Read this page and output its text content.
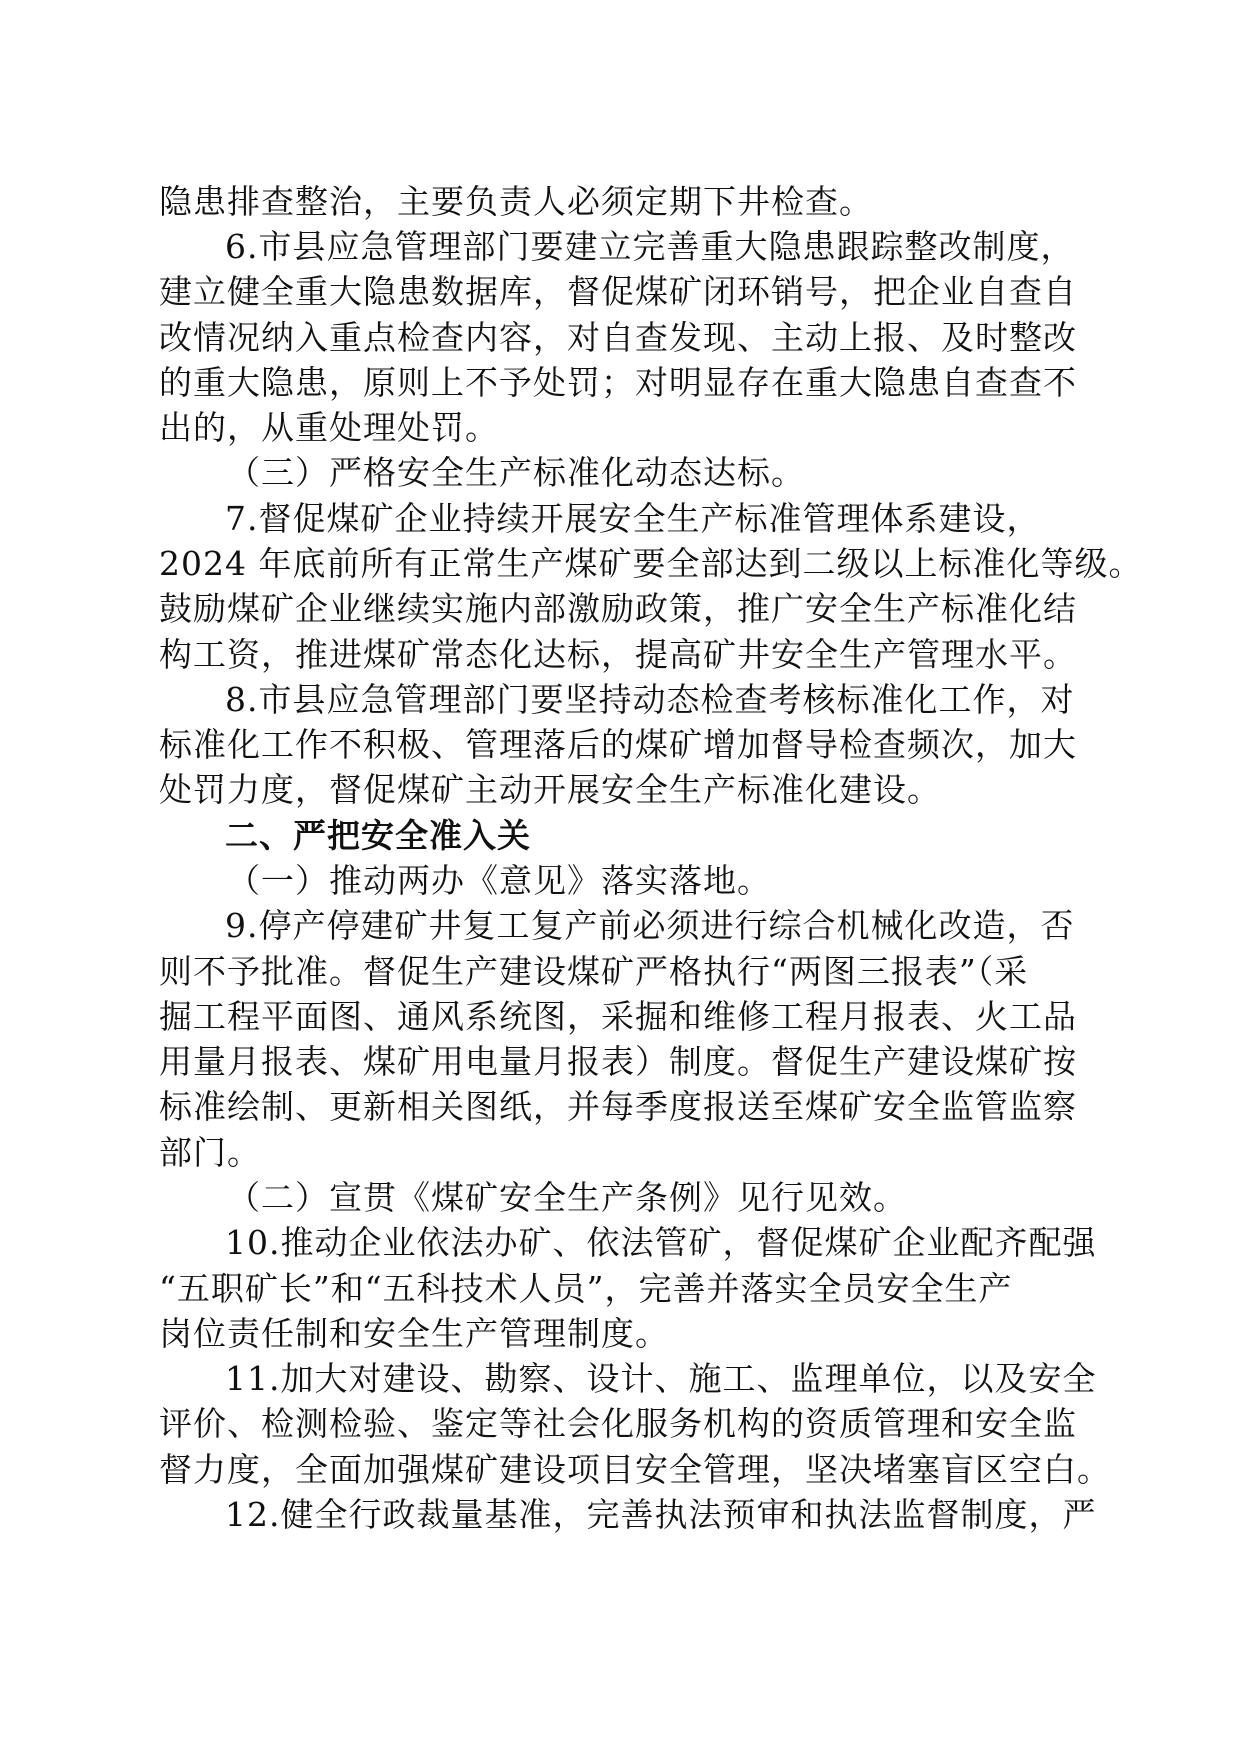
隐患排查整治，主要负责人必须定期下井检查。
6.市县应急管理部门要建立完善重大隐患跟踪整改制度，
建立健全重大隐患数据库，督促煤矿闭环销号，把企业自查自
改情况纳入重点检查内容，对自查发现、主动上报、及时整改
的重大隐患，原则上不予处罚；对明显存在重大隐患自查查不
出的，从重处理处罚。
（三）严格安全生产标准化动态达标。
7.督促煤矿企业持续开展安全生产标准管理体系建设，
2024 年底前所有正常生产煤矿要全部达到二级以上标准化等级。
鼓励煤矿企业继续实施内部激励政策，推广安全生产标准化结
构工资，推进煤矿常态化达标，提高矿井安全生产管理水平。
8.市县应急管理部门要坚持动态检查考核标准化工作，对
标准化工作不积极、管理落后的煤矿增加督导检查频次，加大
处罚力度，督促煤矿主动开展安全生产标准化建设。
二、严把安全准入关
（一）推动两办《意见》落实落地。
9.停产停建矿井复工复产前必须进行综合机械化改造，否
则不予批准。督促生产建设煤矿严格执行“两图三报表”（采
掘工程平面图、通风系统图，采掘和维修工程月报表、火工品
用量月报表、煤矿用电量月报表）制度。督促生产建设煤矿按
标准绘制、更新相关图纸，并每季度报送至煤矿安全监管监察
部门。
（二）宣贯《煤矿安全生产条例》见行见效。
10.推动企业依法办矿、依法管矿，督促煤矿企业配齐配强
“五职矿长”和“五科技术人员”，完善并落实全员安全生产
岗位责任制和安全生产管理制度。
11.加大对建设、勘察、设计、施工、监理单位，以及安全
评价、检测检验、鉴定等社会化服务机构的资质管理和安全监
督力度，全面加强煤矿建设项目安全管理，坚决堵塞盲区空白。
12.健全行政裁量基准，完善执法预审和执法监督制度，严
